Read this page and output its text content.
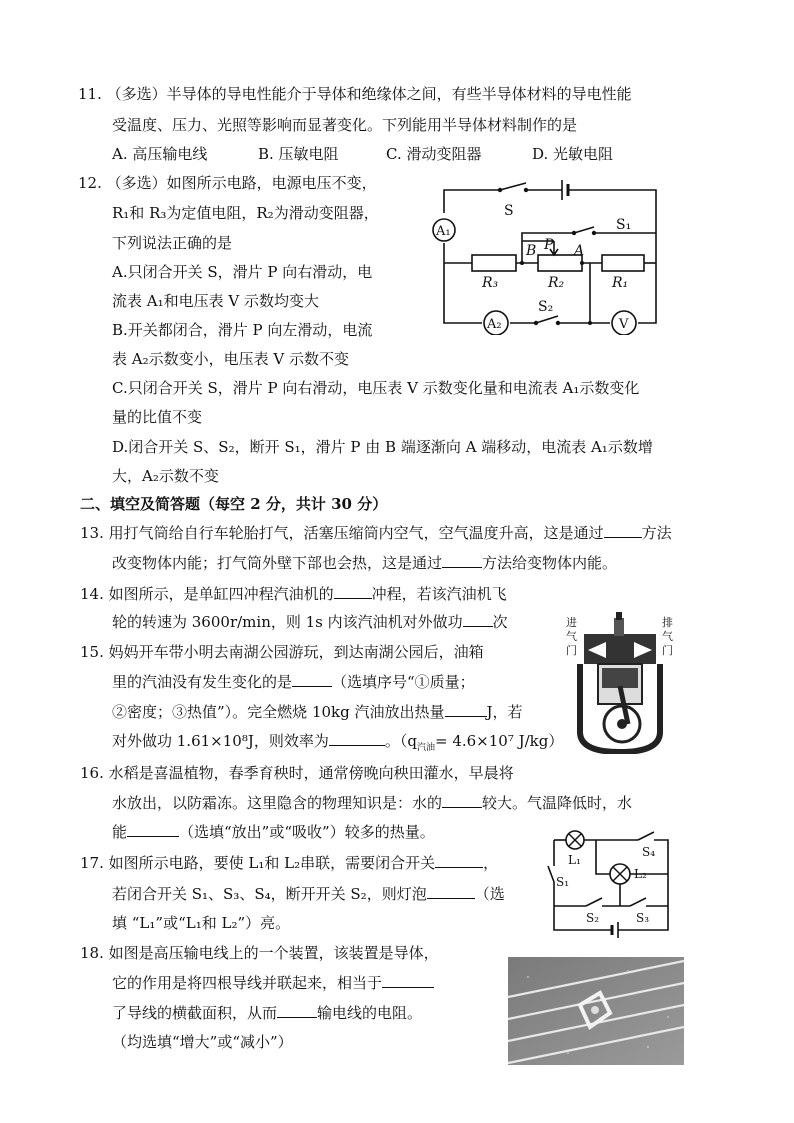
11. （多选）半导体的导电性能介于导体和绝缘体之间，有些半导体材料的导电性能
受温度、压力、光照等影响而显著变化。下列能用半导体材料制作的是
A. 高压输电线	B. 压敏电阻	C. 滑动变阻器	D. 光敏电阻
12. （多选）如图所示电路，电源电压不变，
R₁和 R₃为定值电阻，R₂为滑动变阻器，
下列说法正确的是
A.只闭合开关 S，滑片 P 向右滑动，电
流表 A₁和电压表 V 示数均变大
B.开关都闭合，滑片 P 向左滑动，电流
表 A₂示数变小，电压表 V 示数不变
C.只闭合开关 S，滑片 P 向右滑动，电压表 V 示数变化量和电流表 A₁示数变化
量的比值不变
D.闭合开关 S、S₂，断开 S₁，滑片 P 由 B 端逐渐向 A 端移动，电流表 A₁示数增
大，A₂示数不变
S
S₁
S₂
A₁
A₂	V
R₃	R₂	R₁
P
B	A
二、填空及简答题（每空 2 分，共计 30 分）
13. 用打气筒给自行车轮胎打气，活塞压缩筒内空气，空气温度升高，这是通过	方法
改变物体内能；打气筒外壁下部也会热，这是通过	方法给变物体内能。
14. 如图所示，是单缸四冲程汽油机的	冲程，若该汽油机飞
轮的转速为 3600r/min，则 1s 内该汽油机对外做功 次
15. 妈妈开车带小明去南湖公园游玩，到达南湖公园后，油箱
里的汽油没有发生变化的是	（选填序号“①质量；
②密度；③热值”）。完全燃烧 10kg 汽油放出热量	J，若
对外做功 1.61×10⁸J，则效率为	。（$q_{汽油}= 4.6\times 10^7$ J/kg）
进
气
门
排
气
门
16. 水稻是喜温植物，春季育秧时，通常傍晚向秧田灌水，早晨将
水放出，以防霜冻。这里隐含的物理知识是：水的	较大。气温降低时，水
能	（选填“放出”或“吸收”）较多的热量。
17. 如图所示电路，要使 L₁和 L₂串联，需要闭合开关	，
若闭合开关 S₁、S₃、S₄，断开开关 S₂，则灯泡	（选
填 “L₁”或“L₁和 L₂”）亮。
L₁
L₂
S₁
S₂	S₃
S₄
18. 如图是高压输电线上的一个装置，该装置是导体，
它的作用是将四根导线并联起来，相当于
了导线的横截面积，从而	输电线的电阻。
（均选填“增大”或“减小”）
